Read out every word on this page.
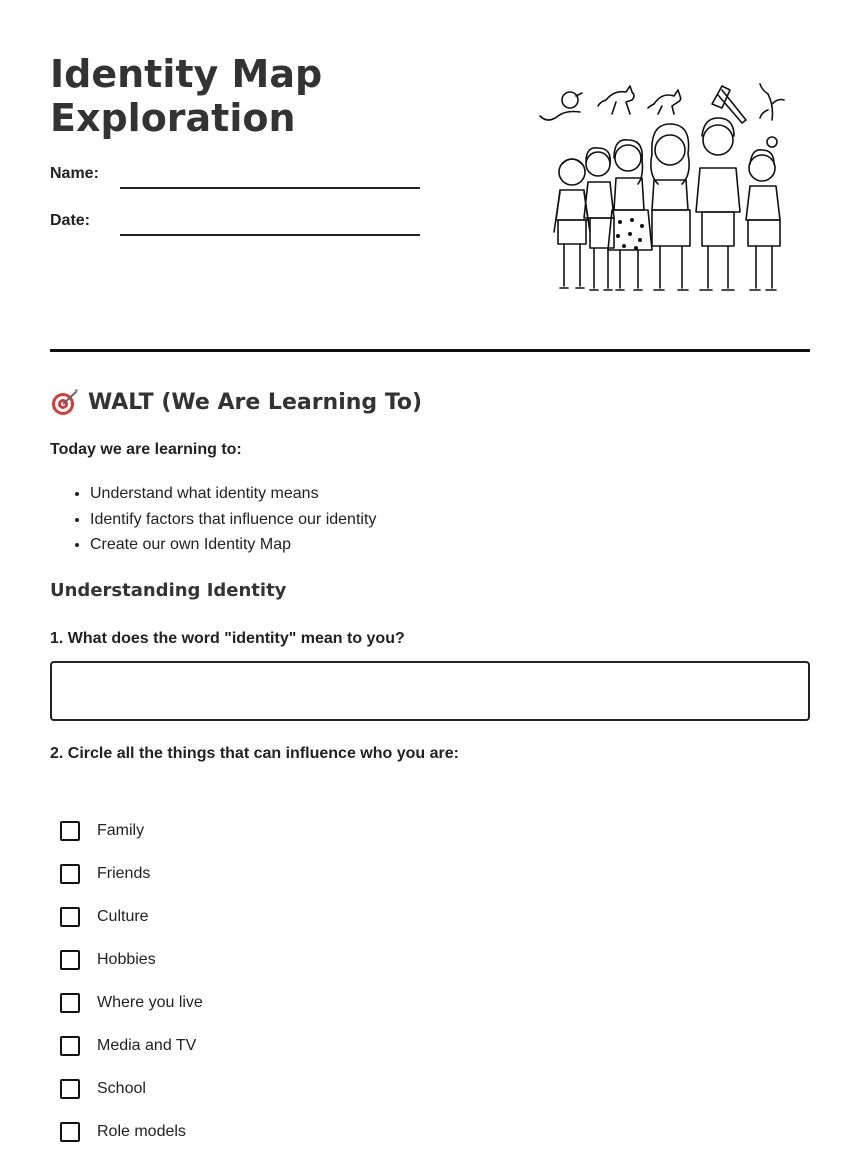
Identity Map
Exploration
Name:
Date:
WALT (We Are Learning To)

Today we are learning to:

• Understand what identity means
• Identify factors that influence our identity
• Create our own Identity Map
Understanding Identity

1. What does the word "identity" mean to you?

2. Circle all the things that can influence who you are:

Family
Friends
Culture
Hobbies
Where you live
Media and TV
School
Role models
